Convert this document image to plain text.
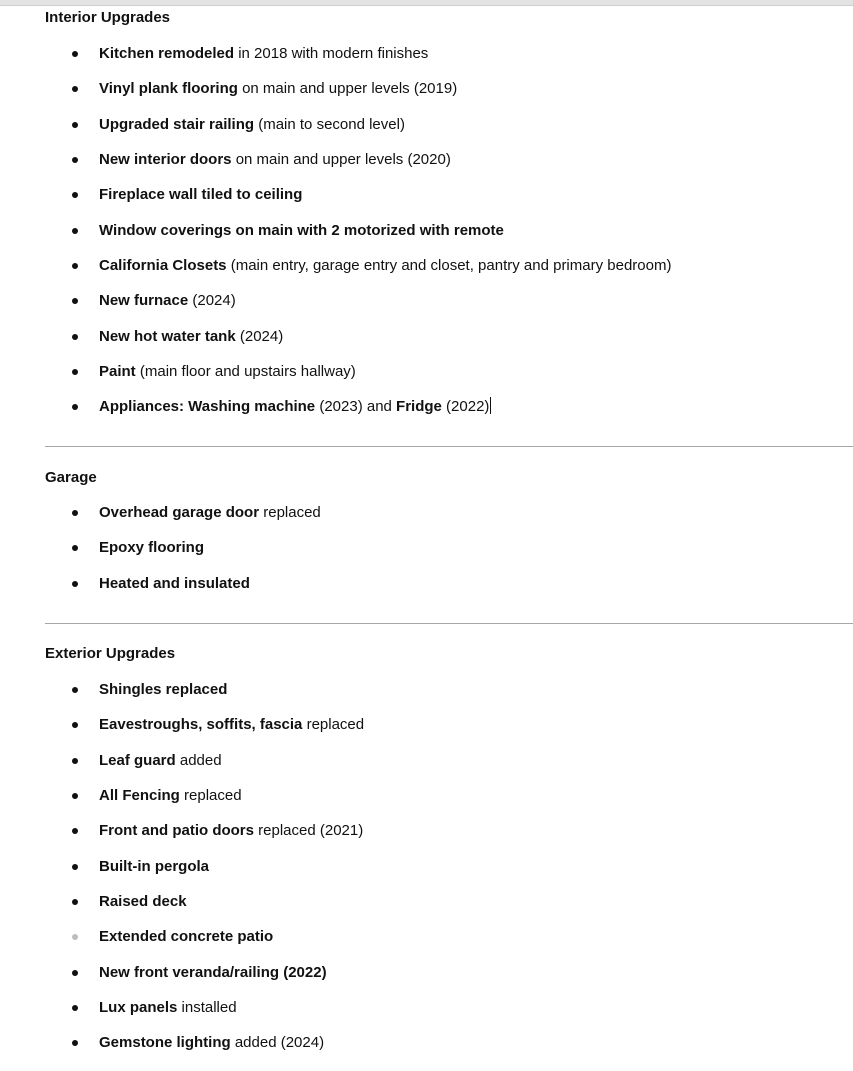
Interior Upgrades
Kitchen remodeled in 2018 with modern finishes
Vinyl plank flooring on main and upper levels (2019)
Upgraded stair railing (main to second level)
New interior doors on main and upper levels (2020)
Fireplace wall tiled to ceiling
Window coverings on main with 2 motorized with remote
California Closets (main entry, garage entry and closet, pantry and primary bedroom)
New furnace (2024)
New hot water tank (2024)
Paint (main floor and upstairs hallway)
Appliances: Washing machine (2023) and Fridge (2022)
Garage
Overhead garage door replaced
Epoxy flooring
Heated and insulated
Exterior Upgrades
Shingles replaced
Eavestroughs, soffits, fascia replaced
Leaf guard added
All Fencing replaced
Front and patio doors replaced (2021)
Built-in pergola
Raised deck
Extended concrete patio
New front veranda/railing (2022)
Lux panels installed
Gemstone lighting added (2024)
